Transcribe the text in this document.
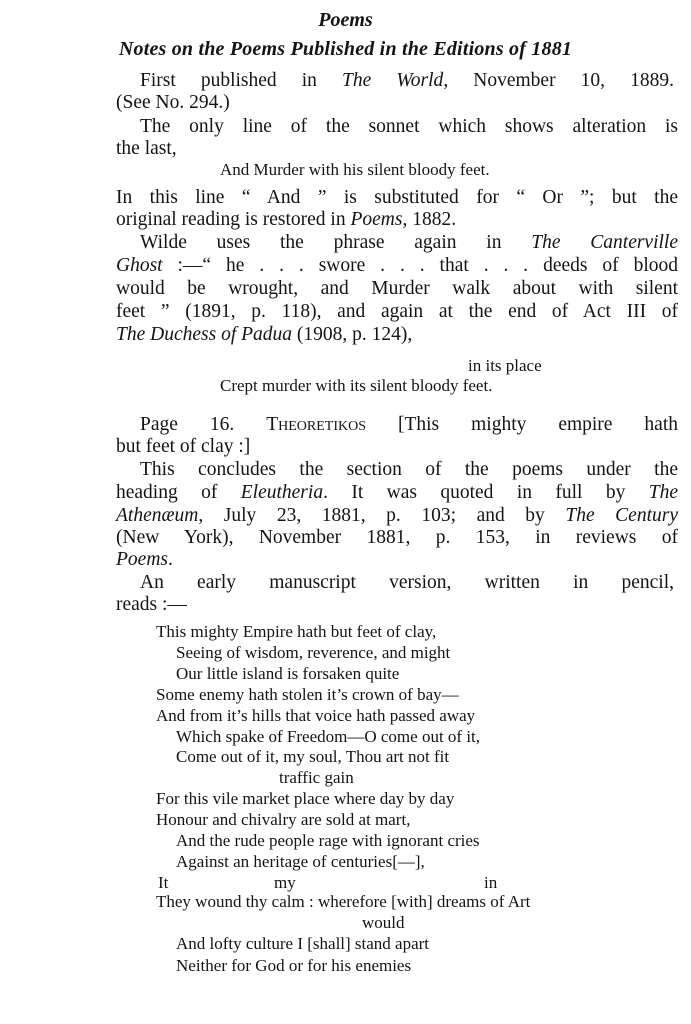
Poems
Notes on the Poems Published in the Editions of 1881
First published in The World, November 10, 1889.
(See No. 294.)
The only line of the sonnet which shows alteration is
the last,
And Murder with his silent bloody feet.
In this line “ And ” is substituted for “ Or ”; but the
original reading is restored in Poems, 1882.
Wilde uses the phrase again in The Canterville
Ghost :—“ he . . . swore . . . that . . . deeds of blood
would be wrought, and Murder walk about with silent
feet ” (1891, p. 118), and again at the end of Act III of
The Duchess of Padua (1908, p. 124),
in its place
Crept murder with its silent bloody feet.
Page 16. Theoretikos [This mighty empire hath
but feet of clay :]
This concludes the section of the poems under the
heading of Eleutheria. It was quoted in full by The
Athenæum, July 23, 1881, p. 103; and by The Century
(New York), November 1881, p. 153, in reviews of
Poems.
An early manuscript version, written in pencil,
reads :—
This mighty Empire hath but feet of clay,
Seeing of wisdom, reverence, and might
Our little island is forsaken quite
Some enemy hath stolen it’s crown of bay—
And from it’s hills that voice hath passed away
Which spake of Freedom—O come out of it,
Come out of it, my soul, Thou art not fit
traffic gain
For this vile market place where day by day
Honour and chivalry are sold at mart,
And the rude people rage with ignorant cries
Against an heritage of centuries[—],
It	my	in
They wound thy calm : wherefore [with] dreams of Art
would
And lofty culture I [shall] stand apart
Neither for God or for his enemies
